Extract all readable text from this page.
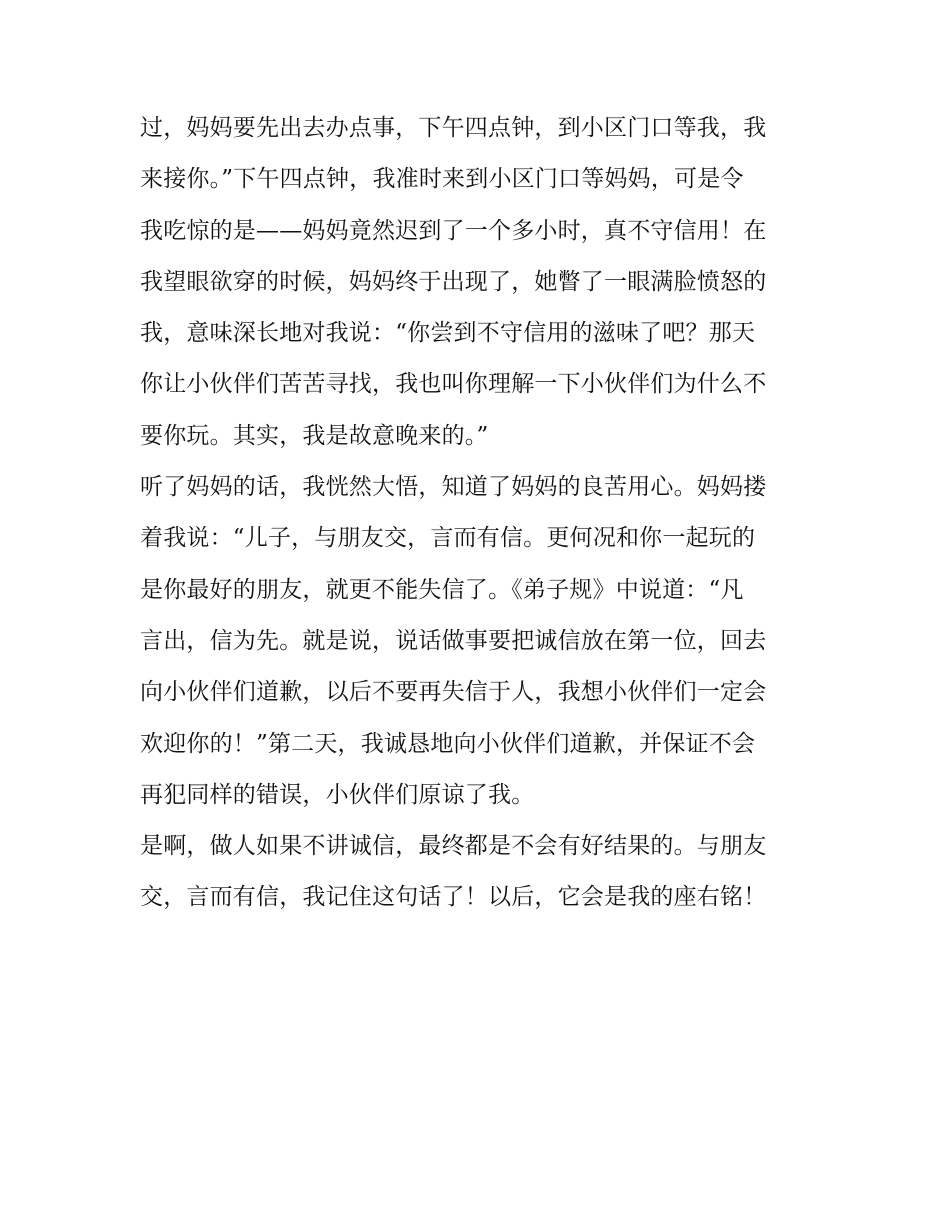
过，妈妈要先出去办点事，下午四点钟，到小区门口等我，我
来接你。”下午四点钟，我准时来到小区门口等妈妈，可是令
我吃惊的是——妈妈竟然迟到了一个多小时，真不守信用！在
我望眼欲穿的时候，妈妈终于出现了，她瞥了一眼满脸愤怒的
我，意味深长地对我说：“你尝到不守信用的滋味了吧？那天
你让小伙伴们苦苦寻找，我也叫你理解一下小伙伴们为什么不
要你玩。其实，我是故意晚来的。”
听了妈妈的话，我恍然大悟，知道了妈妈的良苦用心。妈妈搂
着我说：“儿子，与朋友交，言而有信。更何况和你一起玩的
是你最好的朋友，就更不能失信了。《弟子规》中说道：“凡
言出，信为先。就是说，说话做事要把诚信放在第一位，回去
向小伙伴们道歉，以后不要再失信于人，我想小伙伴们一定会
欢迎你的！”第二天，我诚恳地向小伙伴们道歉，并保证不会
再犯同样的错误，小伙伴们原谅了我。
是啊，做人如果不讲诚信，最终都是不会有好结果的。与朋友
交，言而有信，我记住这句话了！以后，它会是我的座右铭！
